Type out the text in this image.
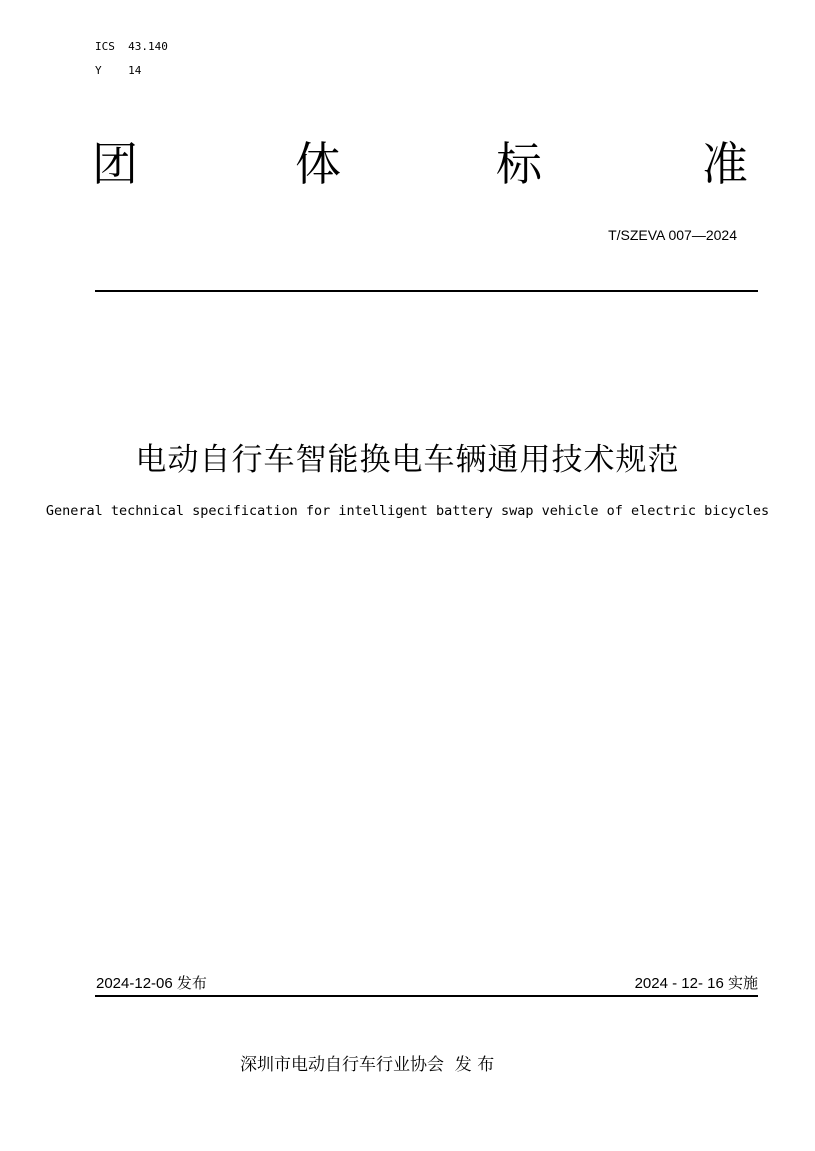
ICS  43.140
Y    14
团	体	标	准
T/SZEVA 007—2024
电动自行车智能换电车辆通用技术规范
General technical specification for intelligent battery swap vehicle of electric bicycles
2024-12-06 发布	2024 - 12- 16 实施
深圳市电动自行车行业协会  发 布
